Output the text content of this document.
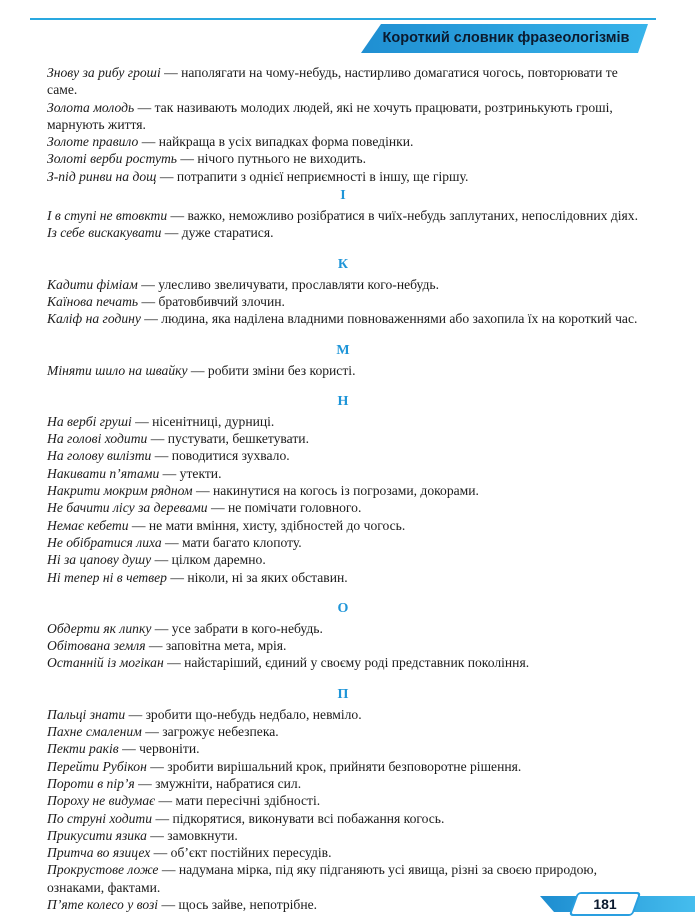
Короткий словник фразеологізмів

Знову за рибу гроші — наполягати на чому-небудь, настирливо домагатися чогось, повторювати те саме.

Золота молодь — так називають молодих людей, які не хочуть працювати, розтринькують гроші, марнують життя.

Золоте правило — найкраща в усіх випадках форма поведінки.

Золоті верби ростуть — нічого путнього не виходить.

З-під ринви на дощ — потрапити з однієї неприємності в іншу, ще гіршу.

І

І в ступі не втовкти — важко, неможливо розібратися в чиїх-небудь заплутаних, непослідовних діях.

Із себе вискакувати — дуже старатися.

К

Кадити фіміам — улесливо звеличувати, прославляти кого-небудь.

Каїнова печать — братовбивчий злочин.

Каліф на годину — людина, яка наділена владними повноваженнями або захопила їх на короткий час.

М

Міняти шило на швайку — робити зміни без користі.

Н

На вербі груші — нісенітниці, дурниці.

На голові ходити — пустувати, бешкетувати.

На голову вилізти — поводитися зухвало.

Накивати п’ятами — утекти.

Накрити мокрим рядном — накинутися на когось із погрозами, докорами.

Не бачити лісу за деревами — не помічати головного.

Немає кебети — не мати вміння, хисту, здібностей до чогось.

Не обібратися лиха — мати багато клопоту.

Ні за цапову душу — цілком даремно.

Ні тепер ні в четвер — ніколи, ні за яких обставин.

О

Обдерти як липку — усе забрати в кого-небудь.

Обітована земля — заповітна мета, мрія.

Останній із могікан — найстаріший, єдиний у своєму роді представник покоління.

П

Пальці знати — зробити що-небудь недбало, невміло.

Пахне смаленим — загрожує небезпека.

Пекти раків — червоніти.

Перейти Рубікон — зробити вирішальний крок, прийняти безповоротне рішення.

Пороти в пір’я — змужніти, набратися сил.

Пороху не видумає — мати пересічні здібності.

По струні ходити — підкорятися, виконувати всі побажання когось.

Прикусити язика — замовкнути.

Притча во язицех — об’єкт постійних пересудів.

Прокрустове ложе — надумана мірка, під яку підганяють усі явища, різні за своєю природою, ознаками, фактами.

П’яте колесо у возі — щось зайве, непотрібне.	181
